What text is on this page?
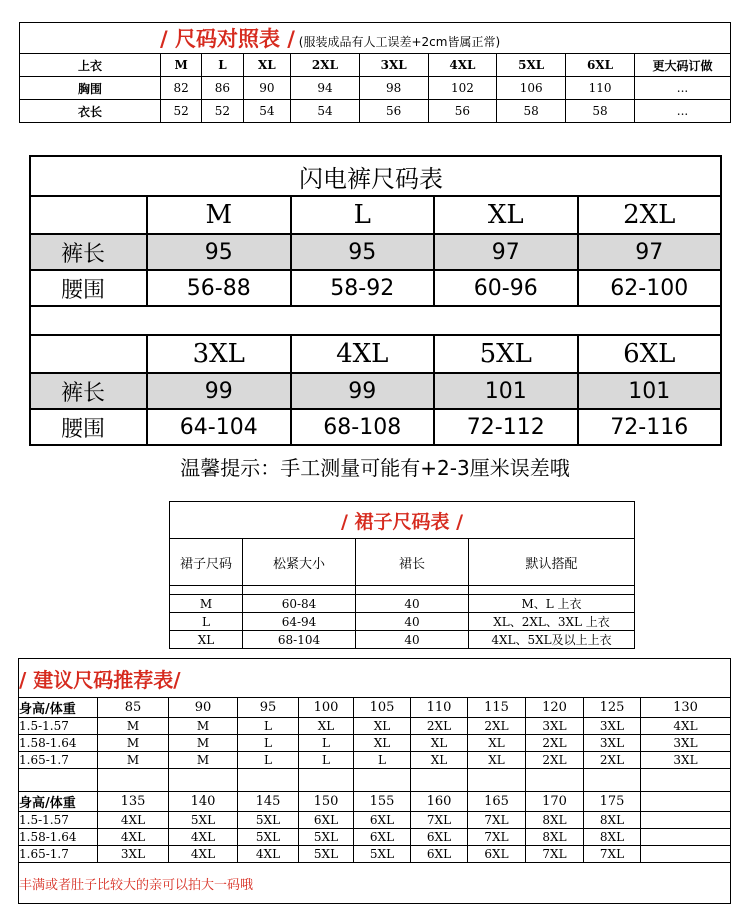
/ 尺码对照表 / (服装成品有人工误差+2cm皆属正常)									
上衣	M	L	XL	2XL	3XL	4XL	5XL	6XL	更大码订做
胸围	82	86	90	94	98	102	106	110	...
衣长	52	52	54	54	56	56	58	58	...
闪电裤尺码表				
	M	L	XL	2XL
裤长	95	95	97	97
腰围	56-88	58-92	60-96	62-100

	3XL	4XL	5XL	6XL
裤长	99	99	101	101
腰围	64-104	68-108	72-112	72-116
温馨提示：手工测量可能有+2-3厘米误差哦
/ 裙子尺码表 /			
裙子尺码	松紧大小	裙长	默认搭配

M	60-84	40	M、L 上衣
L	64-94	40	XL、2XL、3XL 上衣
XL	68-104	40	4XL、5XL及以上上衣
/ 建议尺码推荐表/										
身高/体重	85	90	95	100	105	110	115	120	125	130
1.5-1.57	M	M	L	XL	XL	2XL	2XL	3XL	3XL	4XL
1.58-1.64	M	M	L	L	XL	XL	XL	2XL	3XL	3XL
1.65-1.7	M	M	L	L	L	XL	XL	2XL	2XL	3XL

身高/体重	135	140	145	150	155	160	165	170	175	
1.5-1.57	4XL	5XL	5XL	6XL	6XL	7XL	7XL	8XL	8XL	
1.58-1.64	4XL	4XL	5XL	5XL	6XL	6XL	7XL	8XL	8XL	
1.65-1.7	3XL	4XL	4XL	5XL	5XL	6XL	6XL	7XL	7XL	
丰满或者肚子比较大的亲可以拍大一码哦										
